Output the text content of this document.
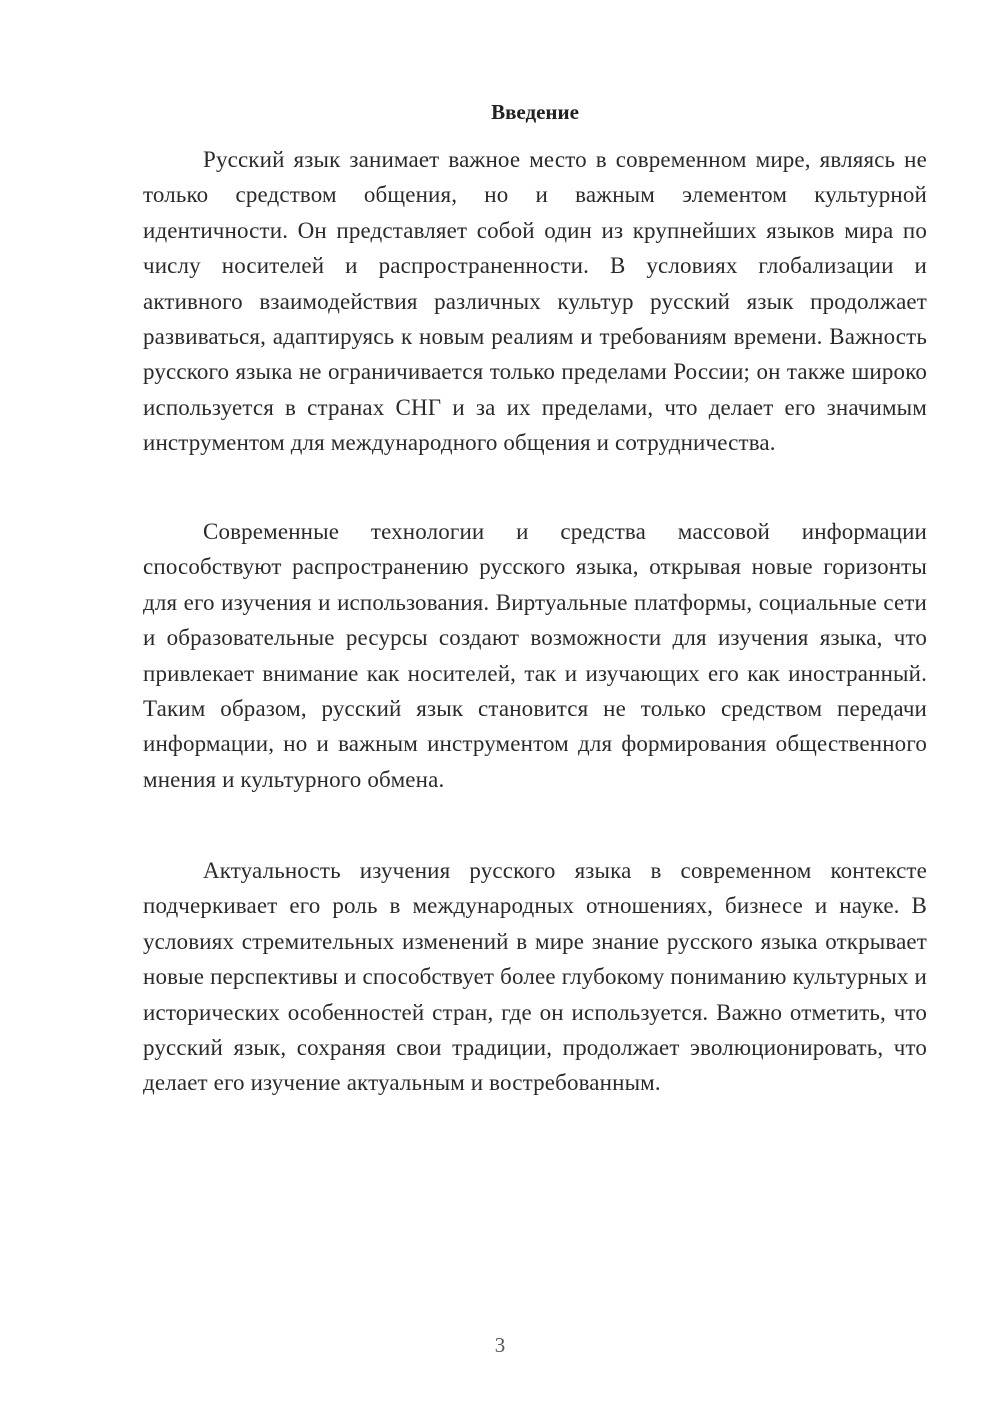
Введение

Русский язык занимает важное место в современном мире, являясь не только средством общения, но и важным элементом культурной идентичности. Он представляет собой один из крупнейших языков мира по числу носителей и распространенности. В условиях глобализации и активного взаимодействия различных культур русский язык продолжает развиваться, адаптируясь к новым реалиям и требованиям времени. Важность русского языка не ограничивается только пределами России; он также широко используется в странах СНГ и за их пределами, что делает его значимым инструментом для международного общения и сотрудничества.

Современные технологии и средства массовой информации способствуют распространению русского языка, открывая новые горизонты для его изучения и использования. Виртуальные платформы, социальные сети и образовательные ресурсы создают возможности для изучения языка, что привлекает внимание как носителей, так и изучающих его как иностранный. Таким образом, русский язык становится не только средством передачи информации, но и важным инструментом для формирования общественного мнения и культурного обмена.

Актуальность изучения русского языка в современном контексте подчеркивает его роль в международных отношениях, бизнесе и науке. В условиях стремительных изменений в мире знание русского языка открывает новые перспективы и способствует более глубокому пониманию культурных и исторических особенностей стран, где он используется. Важно отметить, что русский язык, сохраняя свои традиции, продолжает эволюционировать, что делает его изучение актуальным и востребованным.

3
